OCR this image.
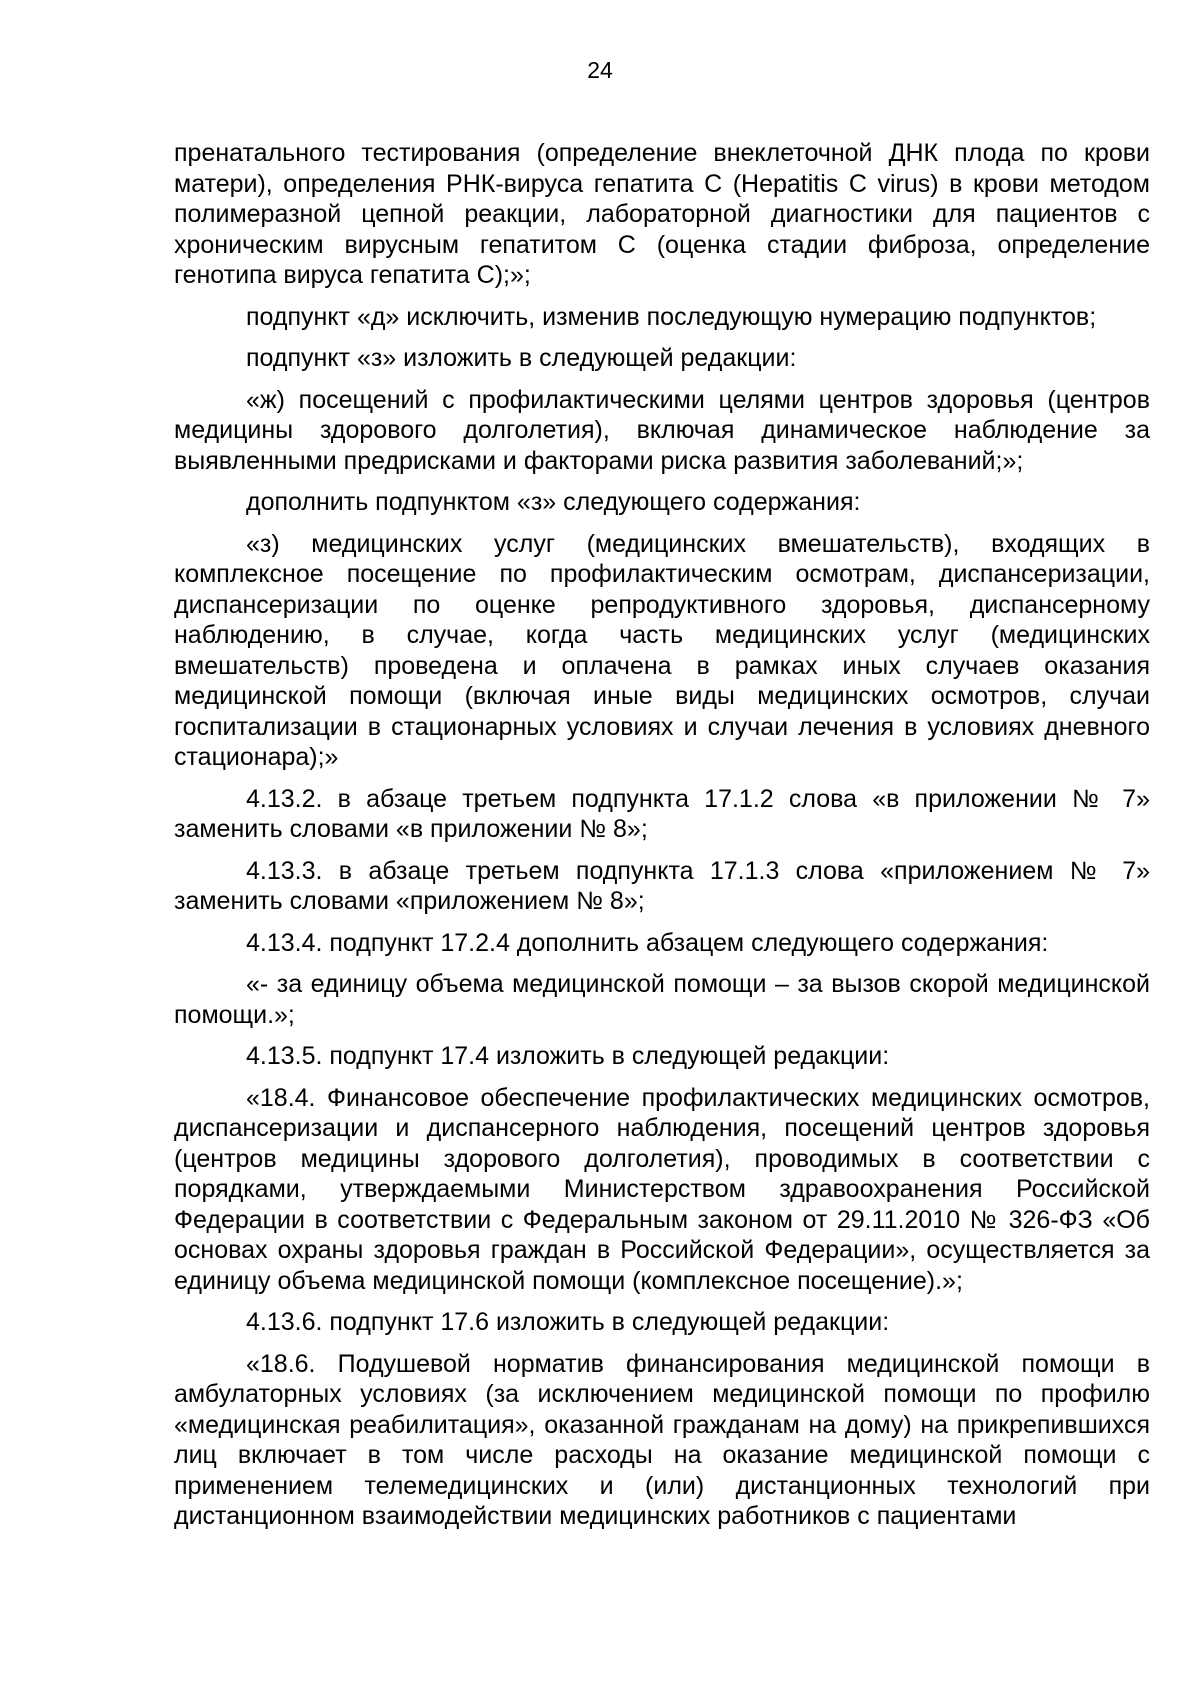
24

пренатального тестирования (определение внеклеточной ДНК плода по крови матери), определения РНК-вируса гепатита С (Hepatitis C virus) в крови методом полимеразной цепной реакции, лабораторной диагностики для пациентов с хроническим вирусным гепатитом С (оценка стадии фиброза, определение генотипа вируса гепатита С);»;

подпункт «д» исключить, изменив последующую нумерацию подпунктов;

подпункт «з» изложить в следующей редакции:

«ж) посещений с профилактическими целями центров здоровья (центров медицины здорового долголетия), включая динамическое наблюдение за выявленными предрисками и факторами риска развития заболеваний;»;

дополнить подпунктом «з» следующего содержания:

«з) медицинских услуг (медицинских вмешательств), входящих в комплексное посещение по профилактическим осмотрам, диспансеризации, диспансеризации по оценке репродуктивного здоровья, диспансерному наблюдению, в случае, когда часть медицинских услуг (медицинских вмешательств) проведена и оплачена в рамках иных случаев оказания медицинской помощи (включая иные виды медицинских осмотров, случаи госпитализации в стационарных условиях и случаи лечения в условиях дневного стационара);»

4.13.2. в абзаце третьем подпункта 17.1.2 слова «в приложении № 7» заменить словами «в приложении № 8»;

4.13.3. в абзаце третьем подпункта 17.1.3 слова «приложением № 7» заменить словами «приложением № 8»;

4.13.4. подпункт 17.2.4 дополнить абзацем следующего содержания:

«- за единицу объема медицинской помощи – за вызов скорой медицинской помощи.»;

4.13.5. подпункт 17.4 изложить в следующей редакции:

«18.4. Финансовое обеспечение профилактических медицинских осмотров, диспансеризации и диспансерного наблюдения, посещений центров здоровья (центров медицины здорового долголетия), проводимых в соответствии с порядками, утверждаемыми Министерством здравоохранения Российской Федерации в соответствии с Федеральным законом от 29.11.2010 № 326-ФЗ «Об основах охраны здоровья граждан в Российской Федерации», осуществляется за единицу объема медицинской помощи (комплексное посещение).»;

4.13.6. подпункт 17.6 изложить в следующей редакции:

«18.6. Подушевой норматив финансирования медицинской помощи в амбулаторных условиях (за исключением медицинской помощи по профилю «медицинская реабилитация», оказанной гражданам на дому) на прикрепившихся лиц включает в том числе расходы на оказание медицинской помощи с применением телемедицинских и (или) дистанционных технологий при дистанционном взаимодействии медицинских работников с пациентами
